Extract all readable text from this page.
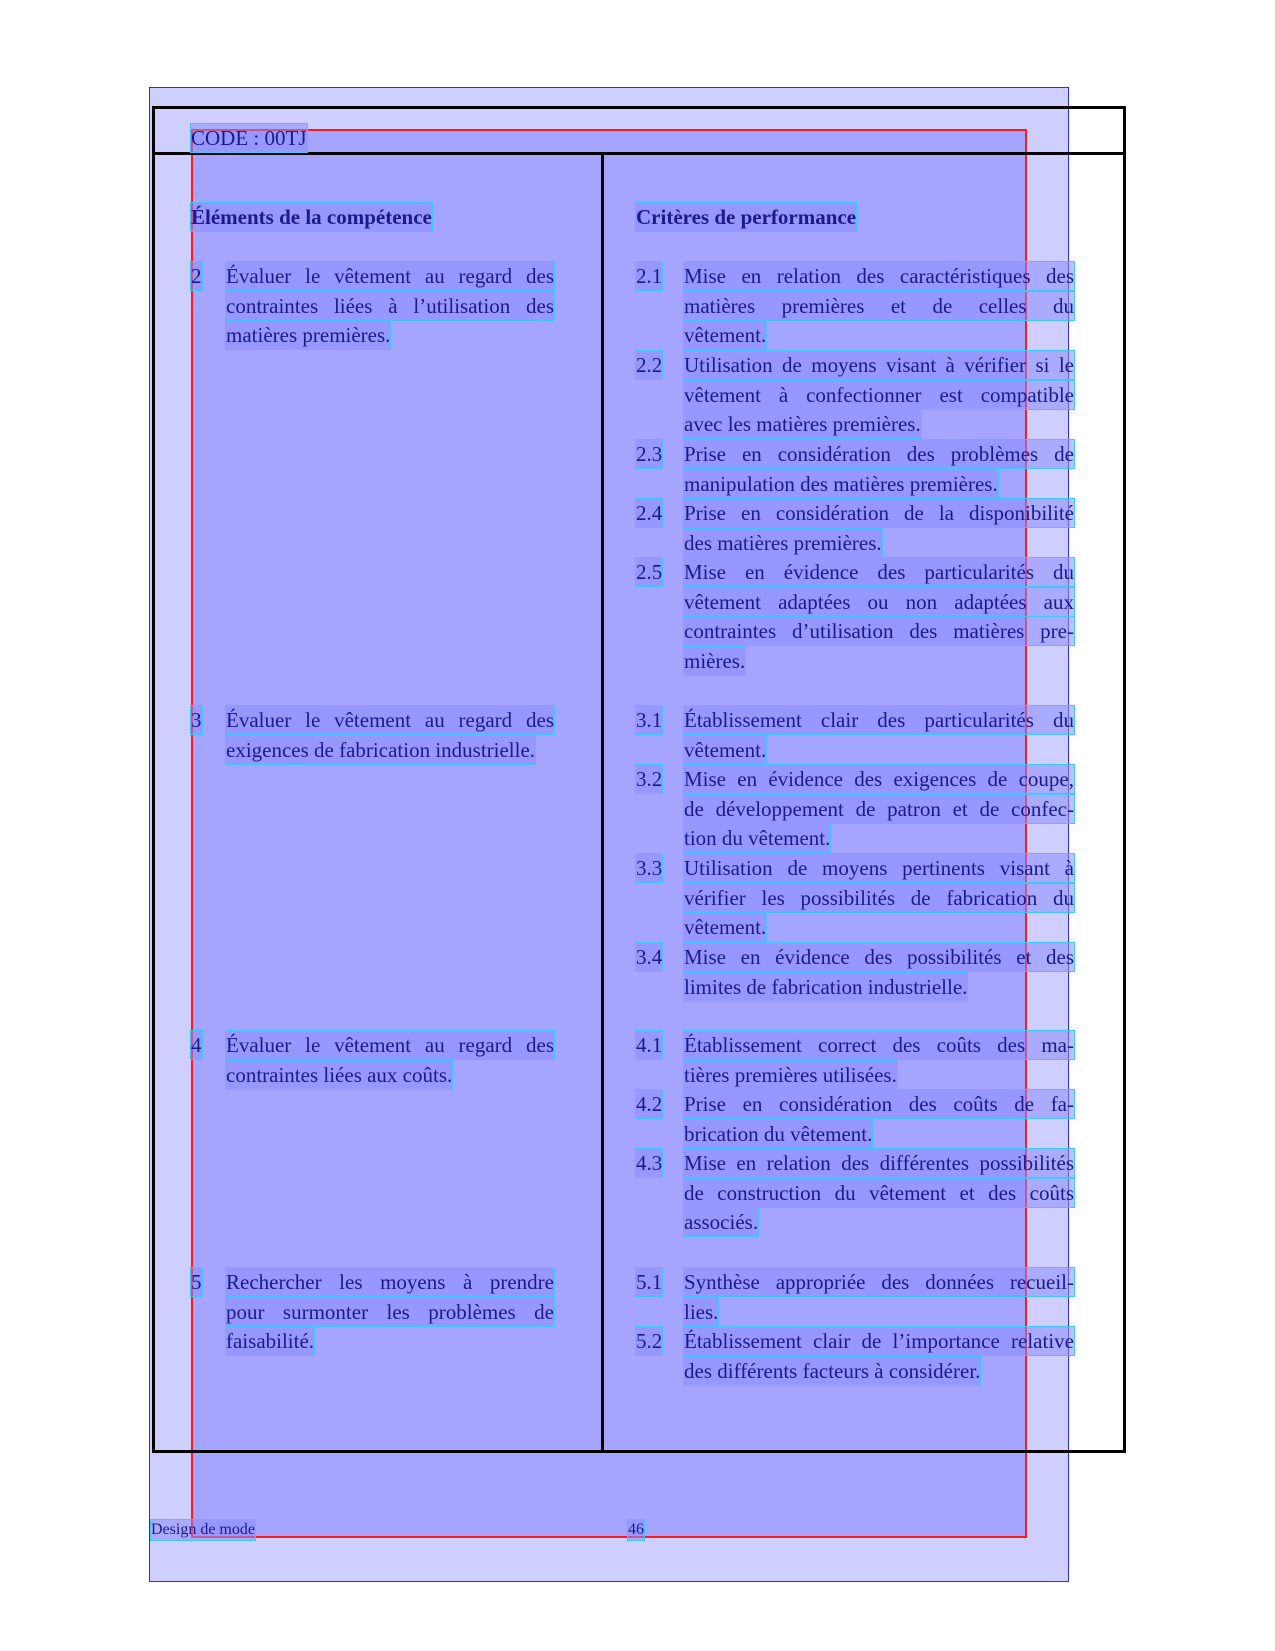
CODE : 00TJ
Éléments de la compétence	Critères de performance
2 Évaluer le vêtement au regard des
contraintes liées à l’utilisation des
matières premières.
3 Évaluer le vêtement au regard des
exigences de fabrication industrielle.
4 Évaluer le vêtement au regard des
contraintes liées aux coûts.
5 Rechercher les moyens à prendre
pour surmonter les problèmes de
faisabilité.
2.1 Mise en relation des caractéristiques des
matières premières et de celles du
vêtement.
2.2 Utilisation de moyens visant à vérifier si le
vêtement à confectionner est compatible
avec les matières premières.
2.3 Prise en considération des problèmes de
manipulation des matières premières.
2.4 Prise en considération de la disponibilité
des matières premières.
2.5 Mise en évidence des particularités du
vêtement adaptées ou non adaptées aux
contraintes d’utilisation des matières pre-
mières.
3.1 Établissement clair des particularités du
vêtement.
3.2 Mise en évidence des exigences de coupe,
de développement de patron et de confec-
tion du vêtement.
3.3 Utilisation de moyens pertinents visant à
vérifier les possibilités de fabrication du
vêtement.
3.4 Mise en évidence des possibilités et des
limites de fabrication industrielle.
4.1 Établissement correct des coûts des ma-
tières premières utilisées.
4.2 Prise en considération des coûts de fa-
brication du vêtement.
4.3 Mise en relation des différentes possibilités
de construction du vêtement et des coûts
associés.
5.1 Synthèse appropriée des données recueil-
lies.
5.2 Établissement clair de l’importance relative
des différents facteurs à considérer.
Design de mode	46
